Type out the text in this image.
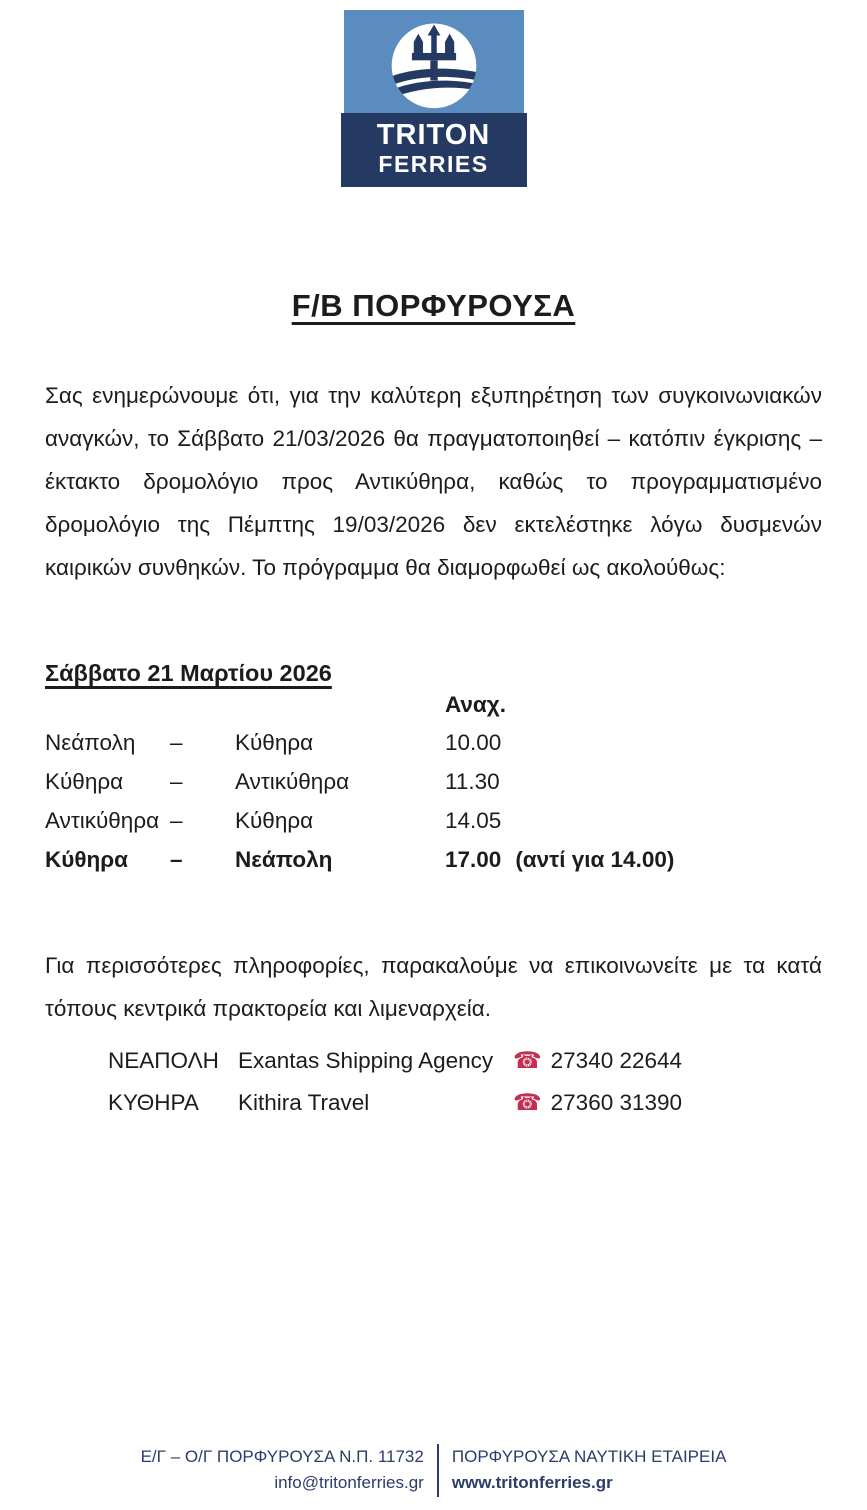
TRITON
FERRIES
F/B ΠΟΡΦΥΡΟΥΣΑ

Σας ενημερώνουμε ότι, για την καλύτερη εξυπηρέτηση των συγκοινωνιακών αναγκών, το Σάββατο 21/03/2026 θα πραγματοποιηθεί – κατόπιν έγκρισης – έκτακτο δρομολόγιο προς Αντικύθηρα, καθώς το προγραμματισμένο δρομολόγιο της Πέμπτης 19/03/2026 δεν εκτελέστηκε λόγω δυσμενών καιρικών συνθηκών. Το πρόγραμμα θα διαμορφωθεί ως ακολούθως:

Σάββατο 21 Μαρτίου 2026
Αναχ.
Νεάπολη	–	Κύθηρα	10.00
Κύθηρα	–	Αντικύθηρα	11.30
Αντικύθηρα –	Κύθηρα	14.05
Κύθηρα	–	Νεάπολη	17.00 (αντί για 14.00)

Για περισσότερες πληροφορίες, παρακαλούμε να επικοινωνείτε με τα κατά τόπους κεντρικά πρακτορεία και λιμεναρχεία.

ΝΕΑΠΟΛΗ Exantas Shipping Agency ☎ 27340 22644
ΚΥΘΗΡΑ	Kithira Travel	☎ 27360 31390
Ε/Γ – Ο/Γ ΠΟΡΦΥΡΟΥΣΑ Ν.Π. 11732
info@tritonferries.gr
ΠΟΡΦΥΡΟΥΣΑ ΝΑΥΤΙΚΗ ΕΤΑΙΡΕΙΑ
www.tritonferries.gr
